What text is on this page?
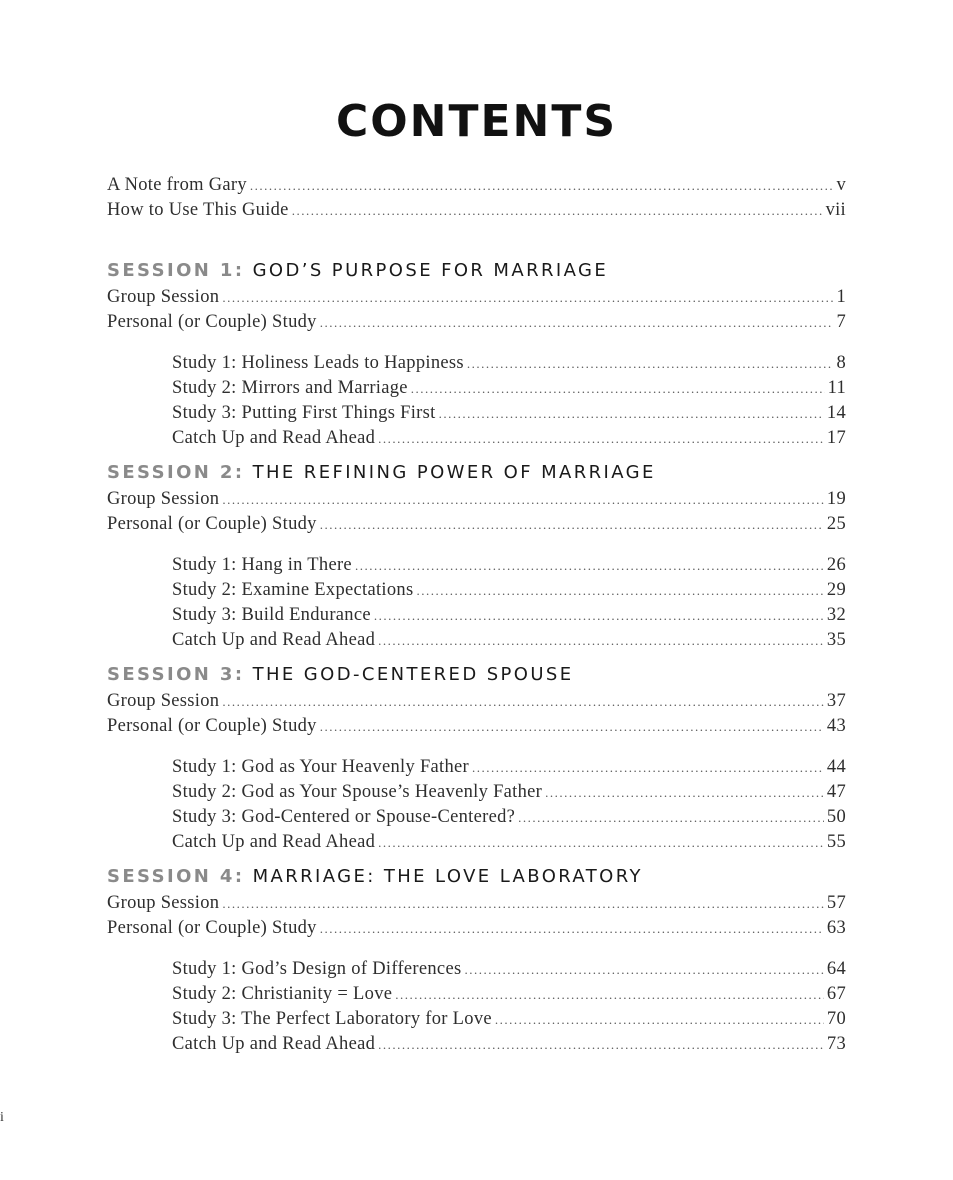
CONTENTS
A Note from Gary .....	v
How to Use This Guide .....	vii
SESSION 1: GOD’S PURPOSE FOR MARRIAGE
Group Session .....	1
Personal (or Couple) Study .....	7
Study 1: Holiness Leads to Happiness .....	8
Study 2: Mirrors and Marriage .....	11
Study 3: Putting First Things First .....	14
Catch Up and Read Ahead .....	17
SESSION 2: THE REFINING POWER OF MARRIAGE
Group Session .....	19
Personal (or Couple) Study .....	25
Study 1: Hang in There .....	26
Study 2: Examine Expectations .....	29
Study 3: Build Endurance .....	32
Catch Up and Read Ahead .....	35
SESSION 3: THE GOD-CENTERED SPOUSE
Group Session .....	37
Personal (or Couple) Study .....	43
Study 1: God as Your Heavenly Father .....	44
Study 2: God as Your Spouse’s Heavenly Father .....	47
Study 3: God-Centered or Spouse-Centered? .....	50
Catch Up and Read Ahead .....	55
SESSION 4: MARRIAGE: THE LOVE LABORATORY
Group Session .....	57
Personal (or Couple) Study .....	63
Study 1: God’s Design of Differences .....	64
Study 2: Christianity = Love .....	67
Study 3: The Perfect Laboratory for Love .....	70
Catch Up and Read Ahead .....	73
i
